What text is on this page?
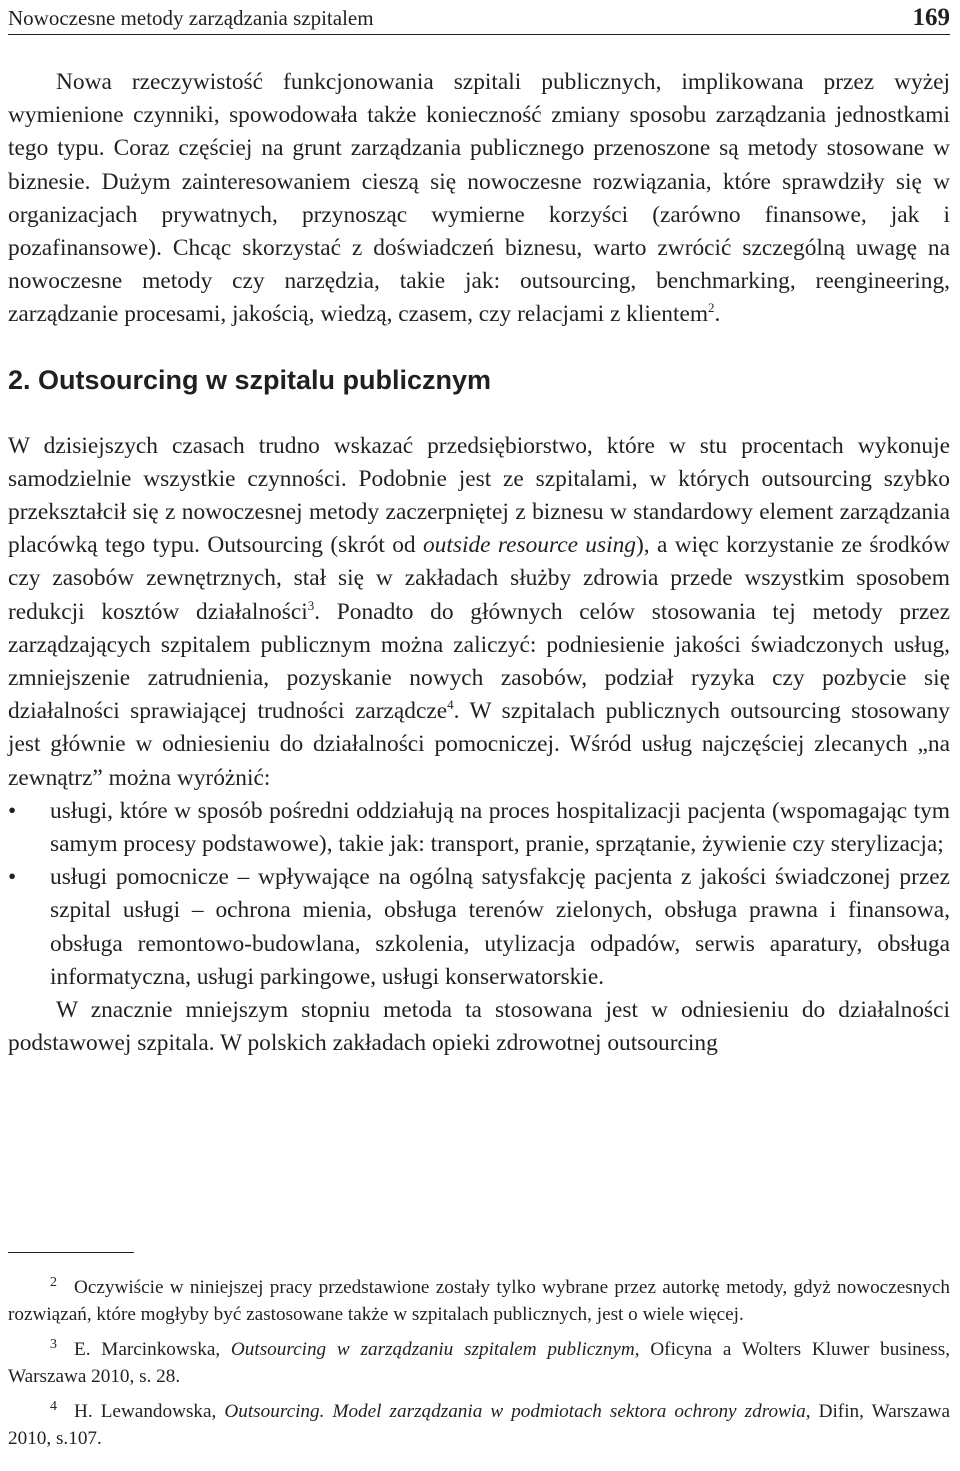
Nowoczesne metody zarządzania szpitalem	169

Nowa rzeczywistość funkcjonowania szpitali publicznych, implikowana przez wyżej wymienione czynniki, spowodowała także konieczność zmiany sposobu zarządzania jednostkami tego typu. Coraz częściej na grunt zarządzania publicznego przenoszone są metody stosowane w biznesie. Dużym zainteresowaniem cieszą się nowoczesne rozwiązania, które sprawdziły się w organizacjach prywatnych, przynosząc wymierne korzyści (zarówno finansowe, jak i pozafinansowe). Chcąc skorzystać z doświadczeń biznesu, warto zwrócić szczególną uwagę na nowoczesne metody czy narzędzia, takie jak: outsourcing, benchmarking, reengineering, zarządzanie procesami, jakością, wiedzą, czasem, czy relacjami z klientem$^2$.

2. Outsourcing w szpitalu publicznym

W dzisiejszych czasach trudno wskazać przedsiębiorstwo, które w stu procentach wykonuje samodzielnie wszystkie czynności. Podobnie jest ze szpitalami, w których outsourcing szybko przekształcił się z nowoczesnej metody zaczerpniętej z biznesu w standardowy element zarządzania placówką tego typu. Outsourcing (skrót od outside resource using), a więc korzystanie ze środków czy zasobów zewnętrznych, stał się w zakładach służby zdrowia przede wszystkim sposobem redukcji kosztów działalności$^3$. Ponadto do głównych celów stosowania tej metody przez zarządzających szpitalem publicznym można zaliczyć: podniesienie jakości świadczonych usług, zmniejszenie zatrudnienia, pozyskanie nowych zasobów, podział ryzyka czy pozbycie się działalności sprawiającej trudności zarządcze$^4$. W szpitalach publicznych outsourcing stosowany jest głównie w odniesieniu do działalności pomocniczej. Wśród usług najczęściej zlecanych „na zewnątrz” można wyróżnić:

• usługi, które w sposób pośredni oddziałują na proces hospitalizacji pacjenta (wspomagając tym samym procesy podstawowe), takie jak: transport, pranie, sprzątanie, żywienie czy sterylizacja;
• usługi pomocnicze – wpływające na ogólną satysfakcję pacjenta z jakości świadczonej przez szpital usługi – ochrona mienia, obsługa terenów zielonych, obsługa prawna i finansowa, obsługa remontowo-budowlana, szkolenia, utylizacja odpadów, serwis aparatury, obsługa informatyczna, usługi parkingowe, usługi konserwatorskie.

W znacznie mniejszym stopniu metoda ta stosowana jest w odniesieniu do działalności podstawowej szpitala. W polskich zakładach opieki zdrowotnej outsourcing

2 Oczywiście w niniejszej pracy przedstawione zostały tylko wybrane przez autorkę metody, gdyż nowoczesnych rozwiązań, które mogłyby być zastosowane także w szpitalach publicznych, jest o wiele więcej.

3 E. Marcinkowska, Outsourcing w zarządzaniu szpitalem publicznym, Oficyna a Wolters Kluwer business, Warszawa 2010, s. 28.

4 H. Lewandowska, Outsourcing. Model zarządzania w podmiotach sektora ochrony zdrowia, Difin, Warszawa 2010, s.107.
